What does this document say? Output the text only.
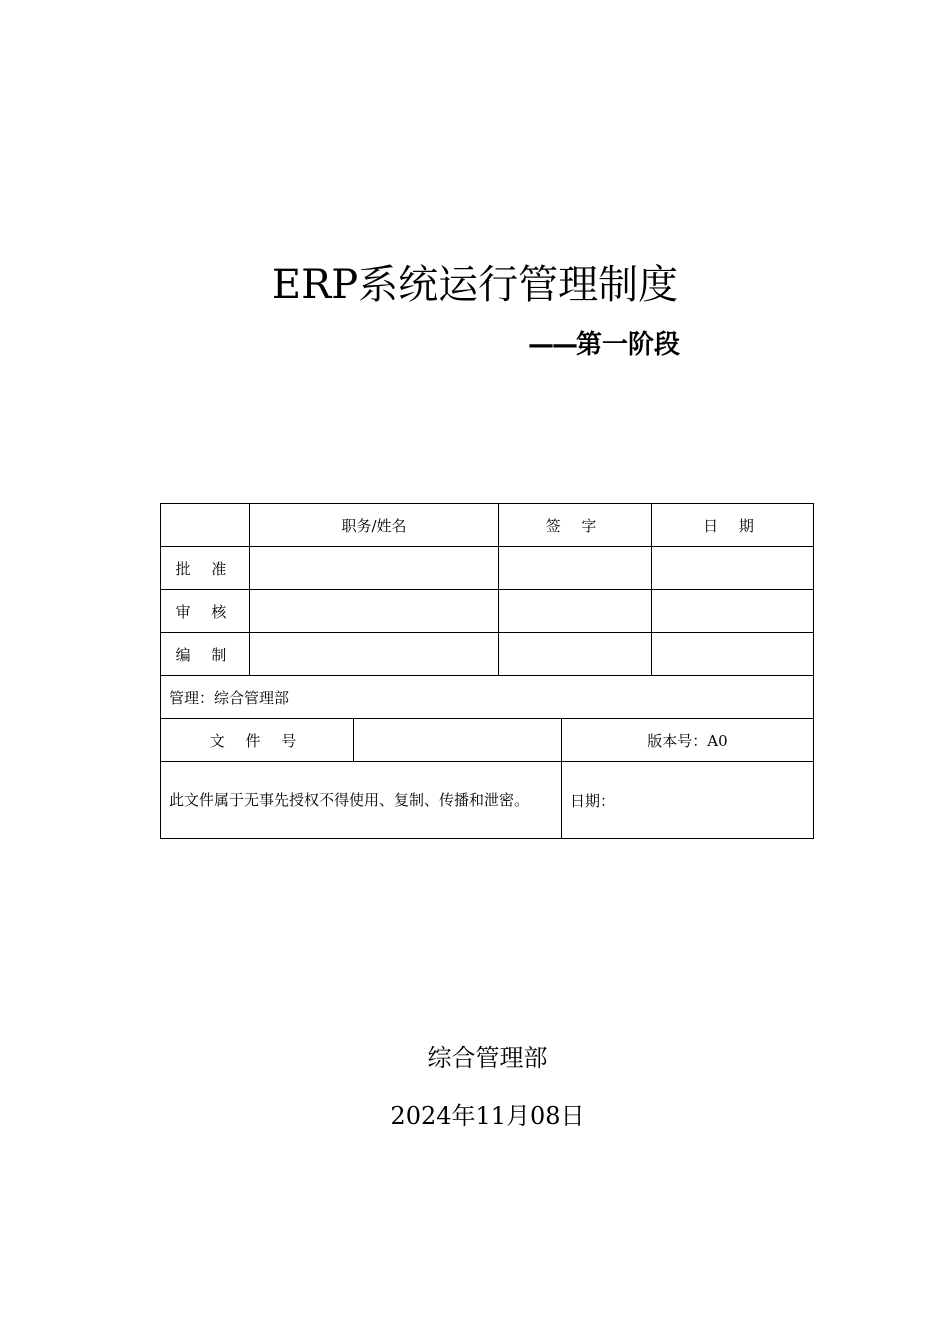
ERP系统运行管理制度
——第一阶段
	职务/姓名		签 字		日 期
批 准					
审 核					
编 制					
管理：综合管理部					
文 件 号				版本号：A0	
此文件属于无事先授权不得使用、复制、传播和泄密。				日期：	
综合管理部
2024年11月08日
